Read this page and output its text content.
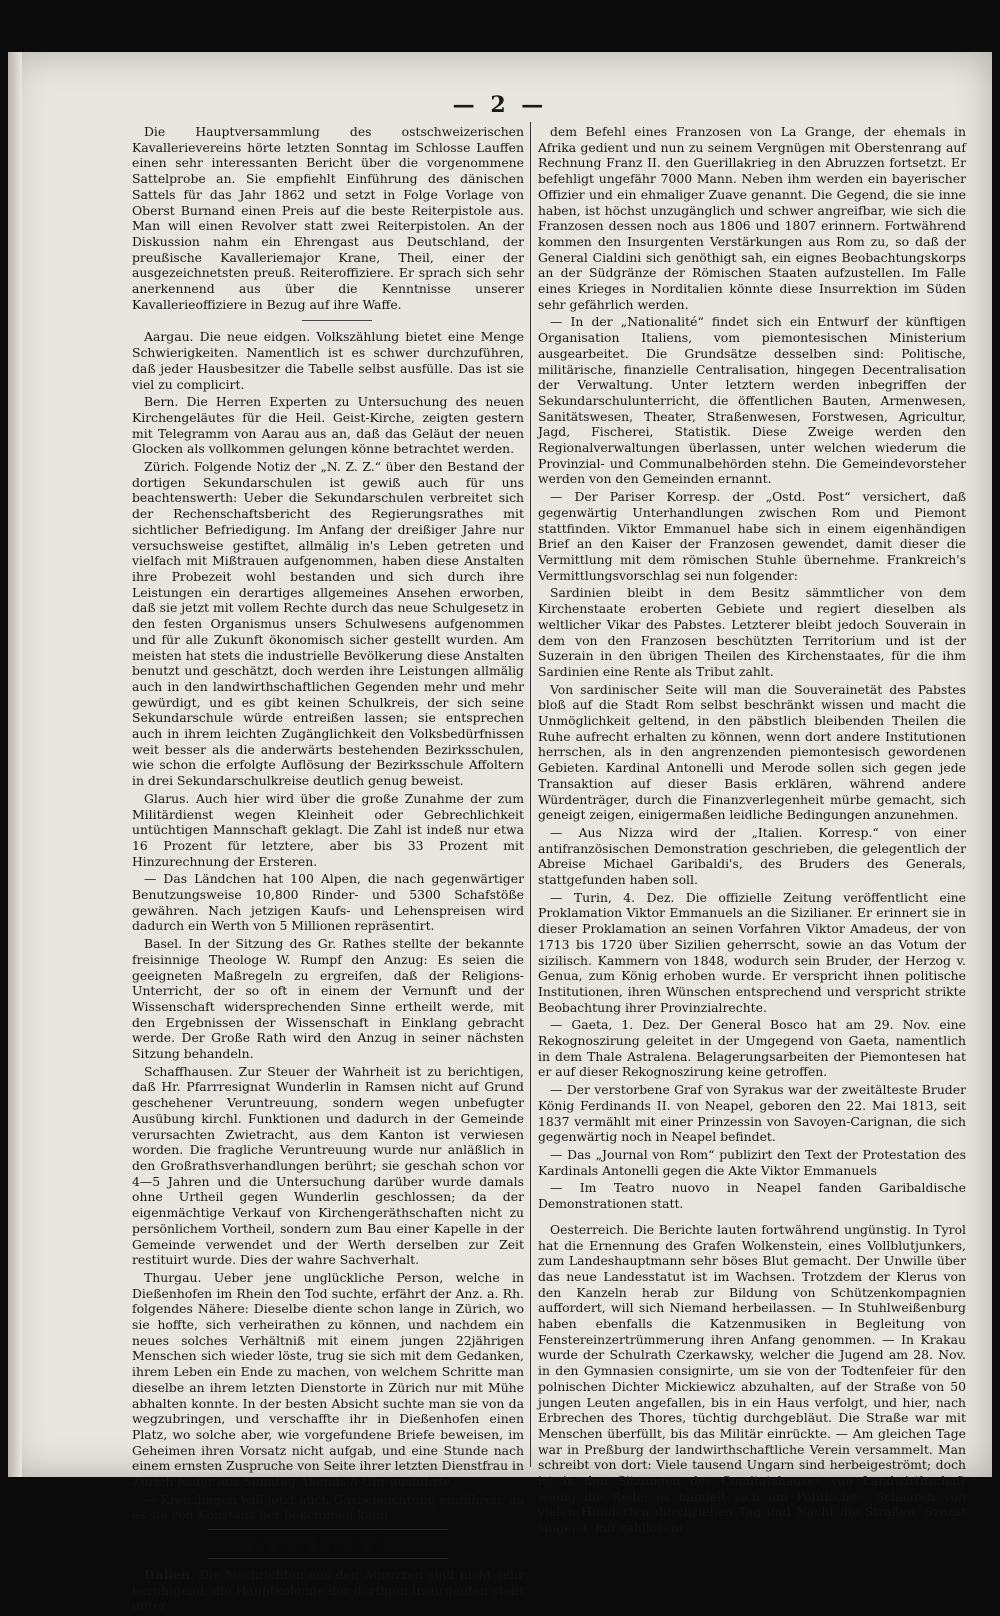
— 2 —

Die Hauptversammlung des ostschweizerischen Kavallerievereins hörte letzten Sonntag im Schlosse Lauffen einen sehr interessanten Bericht über die vorgenommene Sattelprobe an. Sie empfiehlt Einführung des dänischen Sattels für das Jahr 1862 und setzt in Folge Vorlage von Oberst Burnand einen Preis auf die beste Reiterpistole aus. Man will einen Revolver statt zwei Reiterpistolen. An der Diskussion nahm ein Ehrengast aus Deutschland, der preußische Kavalleriemajor Krane, Theil, einer der ausgezeichnetsten preuß. Reiteroffiziere. Er sprach sich sehr anerkennend aus über die Kenntnisse unserer Kavallerieoffiziere in Bezug auf ihre Waffe.

Aargau. Die neue eidgen. Volkszählung bietet eine Menge Schwierigkeiten. Namentlich ist es schwer durchzuführen, daß jeder Hausbesitzer die Tabelle selbst ausfülle. Das ist sie viel zu complicirt.

Bern. Die Herren Experten zu Untersuchung des neuen Kirchengeläutes für die Heil. Geist-Kirche, zeigten gestern mit Telegramm von Aarau aus an, daß das Geläut der neuen Glocken als vollkommen gelungen könne betrachtet werden.

Zürich. Folgende Notiz der „N. Z. Z.“ über den Bestand der dortigen Sekundarschulen ist gewiß auch für uns beachtenswerth: Ueber die Sekundarschulen verbreitet sich der Rechenschaftsbericht des Regierungsrathes mit sichtlicher Befriedigung. Im Anfang der dreißiger Jahre nur versuchsweise gestiftet, allmälig in's Leben getreten und vielfach mit Mißtrauen aufgenommen, haben diese Anstalten ihre Probezeit wohl bestanden und sich durch ihre Leistungen ein derartiges allgemeines Ansehen erworben, daß sie jetzt mit vollem Rechte durch das neue Schulgesetz in den festen Organismus unsers Schulwesens aufgenommen und für alle Zukunft ökonomisch sicher gestellt wurden. Am meisten hat stets die industrielle Bevölkerung diese Anstalten benutzt und geschätzt, doch werden ihre Leistungen allmälig auch in den landwirthschaftlichen Gegenden mehr und mehr gewürdigt, und es gibt keinen Schulkreis, der sich seine Sekundarschule würde entreißen lassen; sie entsprechen auch in ihrem leichten Zugänglichkeit den Volksbedürfnissen weit besser als die anderwärts bestehenden Bezirksschulen, wie schon die erfolgte Auflösung der Bezirksschule Affoltern in drei Sekundarschulkreise deutlich genug beweist.

Glarus. Auch hier wird über die große Zunahme der zum Militärdienst wegen Kleinheit oder Gebrechlichkeit untüchtigen Mannschaft geklagt. Die Zahl ist indeß nur etwa 16 Prozent für letztere, aber bis 33 Prozent mit Hinzurechnung der Ersteren.

— Das Ländchen hat 100 Alpen, die nach gegenwärtiger Benutzungsweise 10,800 Rinder- und 5300 Schafstöße gewähren. Nach jetzigen Kaufs- und Lehenspreisen wird dadurch ein Werth von 5 Millionen repräsentirt.

Basel. In der Sitzung des Gr. Rathes stellte der bekannte freisinnige Theologe W. Rumpf den Anzug: Es seien die geeigneten Maßregeln zu ergreifen, daß der Religions-Unterricht, der so oft in einem der Vernunft und der Wissenschaft widersprechenden Sinne ertheilt werde, mit den Ergebnissen der Wissenschaft in Einklang gebracht werde. Der Große Rath wird den Anzug in seiner nächsten Sitzung behandeln.

Schaffhausen. Zur Steuer der Wahrheit ist zu berichtigen, daß Hr. Pfarrresignat Wunderlin in Ramsen nicht auf Grund geschehener Veruntreuung, sondern wegen unbefugter Ausübung kirchl. Funktionen und dadurch in der Gemeinde verursachten Zwietracht, aus dem Kanton ist verwiesen worden. Die fragliche Veruntreuung wurde nur anläßlich in den Großrathsverhandlungen berührt; sie geschah schon vor 4—5 Jahren und die Untersuchung darüber wurde damals ohne Urtheil gegen Wunderlin geschlossen; da der eigenmächtige Verkauf von Kirchengeräthschaften nicht zu persönlichem Vortheil, sondern zum Bau einer Kapelle in der Gemeinde verwendet und der Werth derselben zur Zeit restituirt wurde. Dies der wahre Sachverhalt.

Thurgau. Ueber jene unglückliche Person, welche in Dießenhofen im Rhein den Tod suchte, erfährt der Anz. a. Rh. folgendes Nähere: Dieselbe diente schon lange in Zürich, wo sie hoffte, sich verheirathen zu können, und nachdem ein neues solches Verhältniß mit einem jungen 22jährigen Menschen sich wieder löste, trug sie sich mit dem Gedanken, ihrem Leben ein Ende zu machen, von welchem Schritte man dieselbe an ihrem letzten Dienstorte in Zürich nur mit Mühe abhalten konnte. In der besten Absicht suchte man sie von da wegzubringen, und verschaffte ihr in Dießenhofen einen Platz, wo solche aber, wie vorgefundene Briefe beweisen, im Geheimen ihren Vorsatz nicht aufgab, und eine Stunde nach einem ernsten Zuspruche von Seite ihrer letzten Dienstfrau in Zürich leider aus Sonntag Abends 8 Uhr ausführte.

— Kreuzlingen will jetzt auch Gasbeleuchtung einführen, da es sie von Konstanz her bekommen kann.

Ausland.

Italien. Die Nachrichten aus den Abruzzen sind nicht sehr beruhigend, die Hauptkolonne der dortigen Insurgenten steht unter

dem Befehl eines Franzosen von La Grange, der ehemals in Afrika gedient und nun zu seinem Vergnügen mit Oberstenrang auf Rechnung Franz II. den Guerillakrieg in den Abruzzen fortsetzt. Er befehligt ungefähr 7000 Mann. Neben ihm werden ein bayerischer Offizier und ein ehmaliger Zuave genannt. Die Gegend, die sie inne haben, ist höchst unzugänglich und schwer angreifbar, wie sich die Franzosen dessen noch aus 1806 und 1807 erinnern. Fortwährend kommen den Insurgenten Verstärkungen aus Rom zu, so daß der General Cialdini sich genöthigt sah, ein eignes Beobachtungskorps an der Südgränze der Römischen Staaten aufzustellen. Im Falle eines Krieges in Norditalien könnte diese Insurrektion im Süden sehr gefährlich werden.

— In der „Nationalité“ findet sich ein Entwurf der künftigen Organisation Italiens, vom piemontesischen Ministerium ausgearbeitet. Die Grundsätze desselben sind: Politische, militärische, finanzielle Centralisation, hingegen Decentralisation der Verwaltung. Unter letztern werden inbegriffen der Sekundarschulunterricht, die öffentlichen Bauten, Armenwesen, Sanitätswesen, Theater, Straßenwesen, Forstwesen, Agricultur, Jagd, Fischerei, Statistik. Diese Zweige werden den Regionalverwaltungen überlassen, unter welchen wiederum die Provinzial- und Communalbehörden stehn. Die Gemeindevorsteher werden von den Gemeinden ernannt.

— Der Pariser Korresp. der „Ostd. Post“ versichert, daß gegenwärtig Unterhandlungen zwischen Rom und Piemont stattfinden. Viktor Emmanuel habe sich in einem eigenhändigen Brief an den Kaiser der Franzosen gewendet, damit dieser die Vermittlung mit dem römischen Stuhle übernehme. Frankreich's Vermittlungsvorschlag sei nun folgender:

Sardinien bleibt in dem Besitz sämmtlicher von dem Kirchenstaate eroberten Gebiete und regiert dieselben als weltlicher Vikar des Pabstes. Letzterer bleibt jedoch Souverain in dem von den Franzosen beschützten Territorium und ist der Suzerain in den übrigen Theilen des Kirchenstaates, für die ihm Sardinien eine Rente als Tribut zahlt.

Von sardinischer Seite will man die Souverainetät des Pabstes bloß auf die Stadt Rom selbst beschränkt wissen und macht die Unmöglichkeit geltend, in den päbstlich bleibenden Theilen die Ruhe aufrecht erhalten zu können, wenn dort andere Institutionen herrschen, als in den angrenzenden piemontesisch gewordenen Gebieten. Kardinal Antonelli und Merode sollen sich gegen jede Transaktion auf dieser Basis erklären, während andere Würdenträger, durch die Finanzverlegenheit mürbe gemacht, sich geneigt zeigen, einigermaßen leidliche Bedingungen anzunehmen.

— Aus Nizza wird der „Italien. Korresp.“ von einer antifranzösischen Demonstration geschrieben, die gelegentlich der Abreise Michael Garibaldi's, des Bruders des Generals, stattgefunden haben soll.

— Turin, 4. Dez. Die offizielle Zeitung veröffentlicht eine Proklamation Viktor Emmanuels an die Sizilianer. Er erinnert sie in dieser Proklamation an seinen Vorfahren Viktor Amadeus, der von 1713 bis 1720 über Sizilien geherrscht, sowie an das Votum der sizilisch. Kammern von 1848, wodurch sein Bruder, der Herzog v. Genua, zum König erhoben wurde. Er verspricht ihnen politische Institutionen, ihren Wünschen entsprechend und verspricht strikte Beobachtung ihrer Provinzialrechte.

— Gaeta, 1. Dez. Der General Bosco hat am 29. Nov. eine Rekognoszirung geleitet in der Umgegend von Gaeta, namentlich in dem Thale Astralena. Belagerungsarbeiten der Piemontesen hat er auf dieser Rekognoszirung keine getroffen.

— Der verstorbene Graf von Syrakus war der zweitälteste Bruder König Ferdinands II. von Neapel, geboren den 22. Mai 1813, seit 1837 vermählt mit einer Prinzessin von Savoyen-Carignan, die sich gegenwärtig noch in Neapel befindet.

— Das „Journal von Rom“ publizirt den Text der Protestation des Kardinals Antonelli gegen die Akte Viktor Emmanuels

— Im Teatro nuovo in Neapel fanden Garibaldische Demonstrationen statt.

Oesterreich. Die Berichte lauten fortwährend ungünstig. In Tyrol hat die Ernennung des Grafen Wolkenstein, eines Vollblutjunkers, zum Landeshauptmann sehr böses Blut gemacht. Der Unwille über das neue Landesstatut ist im Wachsen. Trotzdem der Klerus von den Kanzeln herab zur Bildung von Schützenkompagnien auffordert, will sich Niemand herbeilassen. — In Stuhlweißenburg haben ebenfalls die Katzenmusiken in Begleitung von Fenstereinzertrümmerung ihren Anfang genommen. — In Krakau wurde der Schulrath Czerkawsky, welcher die Jugend am 28. Nov. in den Gymnasien consignirte, um sie von der Todtenfeier für den polnischen Dichter Mickiewicz abzuhalten, auf der Straße von 50 jungen Leuten angefallen, bis in ein Haus verfolgt, und hier, nach Erbrechen des Thores, tüchtig durchgebläut. Die Straße war mit Menschen überfüllt, bis das Militär einrückte. — Am gleichen Tage war in Preßburg der landwirthschaftliche Verein versammelt. Man schreibt von dort: Viele tausend Ungarn sind herbeigeströmt; doch ist in den Sitzungen des Comitatshauses von Landwirthschaft wenig die Rede; es handelt sich um Politisches. Schaaren von vielen Hunderten durchziehen Tag und Nacht die Straßen, Szozat singend, mit zahllosem
